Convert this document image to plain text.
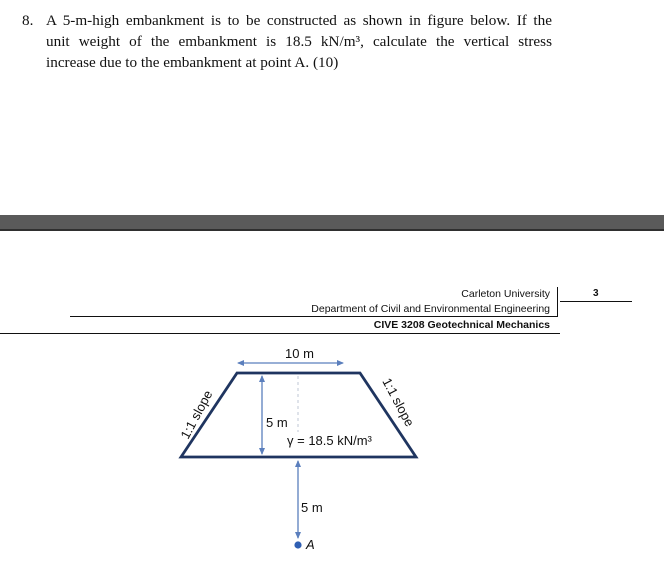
8. A 5-m-high embankment is to be constructed as shown in figure below. If the
unit weight of the embankment is 18.5 kN/m³, calculate the vertical stress
increase due to the embankment at point A. (10)
Carleton University
Department of Civil and Environmental Engineering
CIVE 3208 Geotechnical Mechanics
3
10 m
5 m
γ = 18.5 kN/m³
5 m
A
1:1 slope	1:1 slope
